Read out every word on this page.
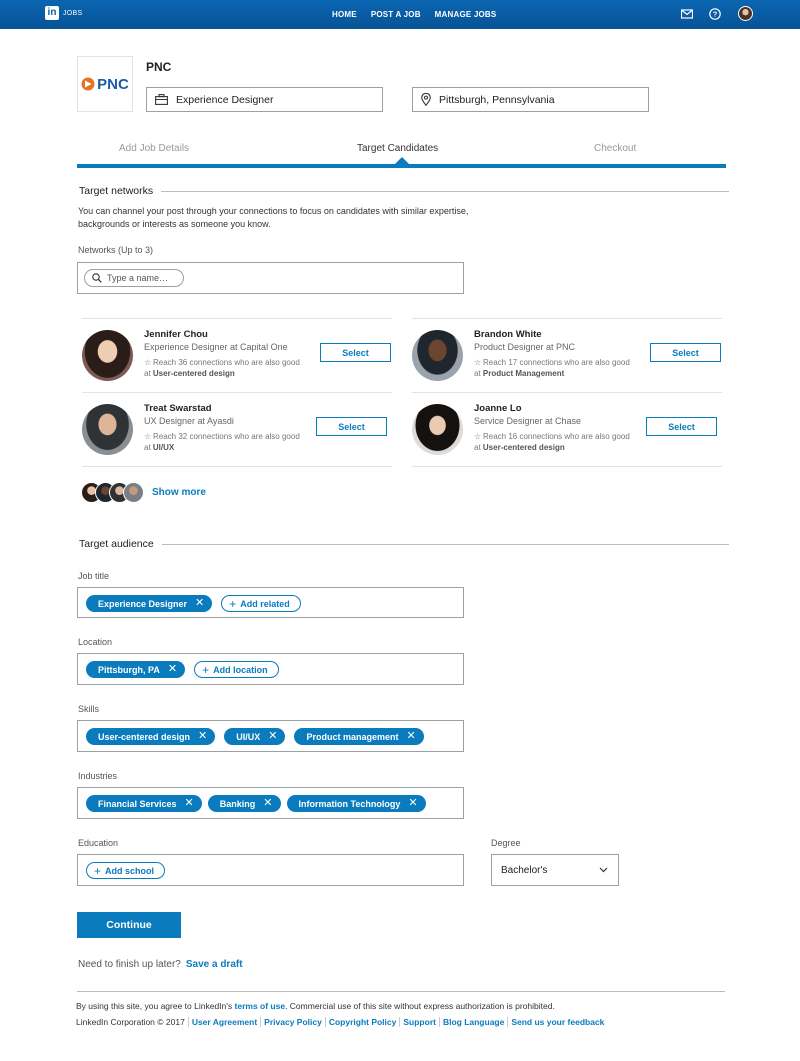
in JOBS	HOME POST A JOB MANAGE JOBS	?
PNC
PNC
Experience Designer	Pittsburgh, Pennsylvania
Add Job Details	Target Candidates	Checkout
Target networks
You can channel your post through your connections to focus on candidates with similar expertise, backgrounds or interests as someone you know.
Networks (Up to 3)
Type a name…
Jennifer Chou
Experience Designer at Capital One
☆ Reach 36 connections who are also good at User-centered design
Select
Brandon White
Product Designer at PNC
☆ Reach 17 connections who are also good at Product Management
Select
Treat Swarstad
UX Designer at Ayasdi
☆ Reach 32 connections who are also good at UI/UX
Select
Joanne Lo
Service Designer at Chase
☆ Reach 16 connections who are also good at User-centered design
Select
Show more
Target audience
Job title
Experience Designer ✕ + Add related
Location
Pittsburgh, PA ✕ + Add location
Skills
User-centered design ✕	UI/UX ✕	Product management ✕
Industries
Financial Services ✕	Banking ✕	Information Technology ✕
Education
+ Add school
Degree
Bachelor's
Continue
Need to finish up later? Save a draft
By using this site, you agree to LinkedIn's terms of use. Commercial use of this site without express authorization is prohibited.
LinkedIn Corporation © 2017 User Agreement Privacy Policy Copyright Policy Support Blog Language Send us your feedback
